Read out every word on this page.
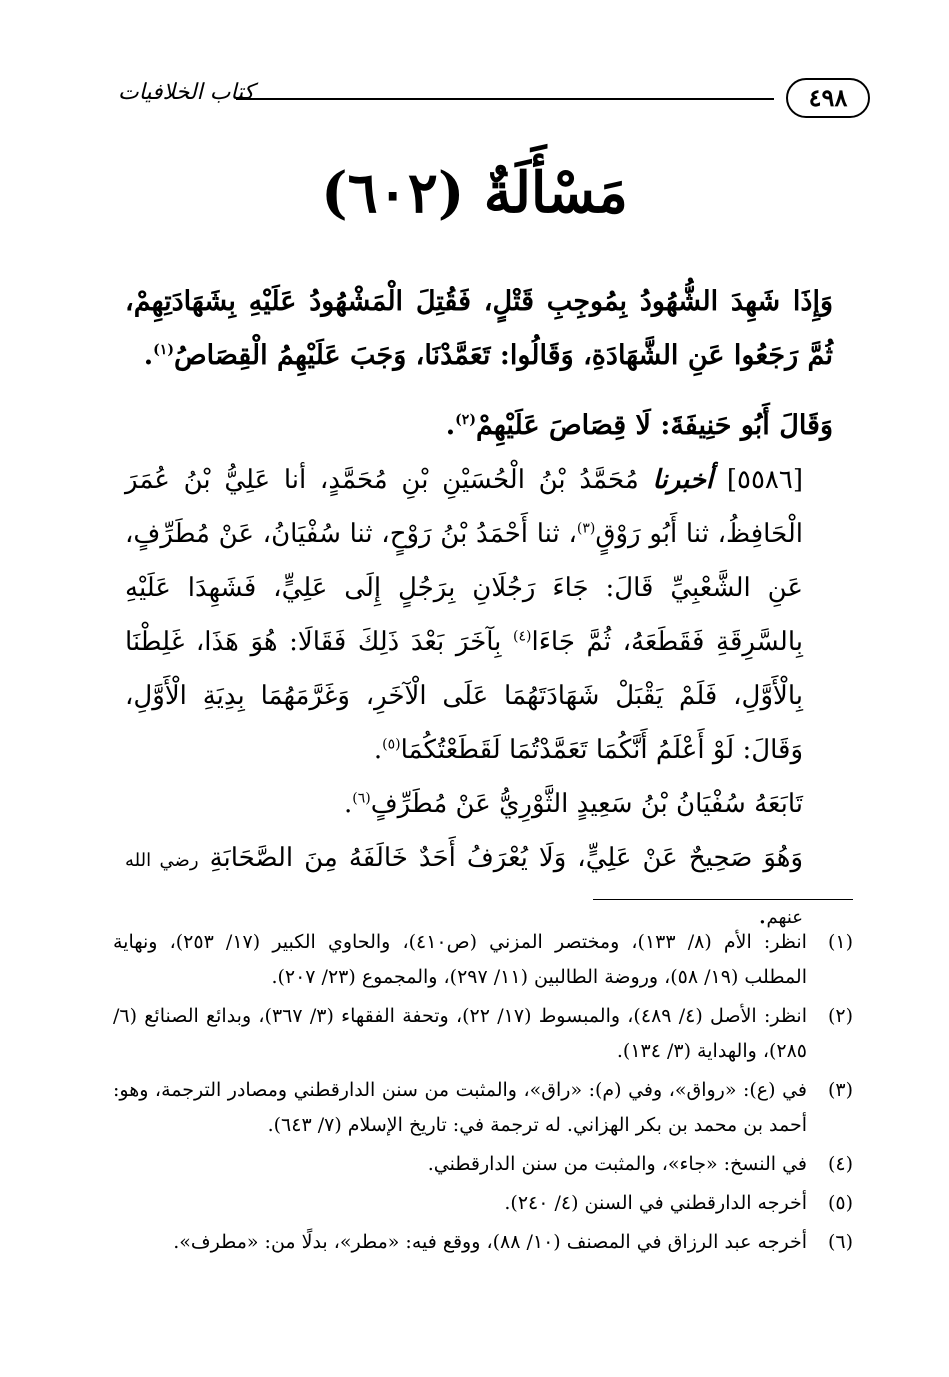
٤٩٨
كتاب الخلافيات
مَسْأَلَةٌ (٦٠٢)

وَإِذَا شَهِدَ الشُّهُودُ بِمُوجِبِ قَتْلٍ، فَقُتِلَ الْمَشْهُودُ عَلَيْهِ بِشَهَادَتِهِمْ، ثُمَّ رَجَعُوا عَنِ الشَّهَادَةِ، وَقَالُوا: تَعَمَّدْنَا، وَجَبَ عَلَيْهِمُ الْقِصَاصُ$^{(١)}$.

وَقَالَ أَبُو حَنِيفَةَ: لَا قِصَاصَ عَلَيْهِمْ$^{(٢)}$.

[٥٥٨٦] أخبرنا مُحَمَّدُ بْنُ الْحُسَيْنِ بْنِ مُحَمَّدٍ، أنا عَلِيُّ بْنُ عُمَرَ الْحَافِظُ، ثنا أَبُو رَوْقٍ$^{(٣)}$، ثنا أَحْمَدُ بْنُ رَوْحٍ، ثنا سُفْيَانُ، عَنْ مُطَرِّفٍ، عَنِ الشَّعْبِيِّ قَالَ: جَاءَ رَجُلَانِ بِرَجُلٍ إِلَى عَلِيٍّ، فَشَهِدَا عَلَيْهِ بِالسَّرِقَةِ فَقَطَعَهُ، ثُمَّ جَاءَا$^{(٤)}$ بِآخَرَ بَعْدَ ذَلِكَ فَقَالَا: هُوَ هَذَا، غَلِطْنَا بِالْأَوَّلِ، فَلَمْ يَقْبَلْ شَهَادَتَهُمَا عَلَى الْآخَرِ، وَغَرَّمَهُمَا بِدِيَةِ الْأَوَّلِ، وَقَالَ: لَوْ أَعْلَمُ أَنَّكُمَا تَعَمَّدْتُمَا لَقَطَعْتُكُمَا$^{(٥)}$.

تَابَعَهُ سُفْيَانُ بْنُ سَعِيدٍ الثَّوْرِيُّ عَنْ مُطَرِّفٍ$^{(٦)}$.

وَهُوَ صَحِيحٌ عَنْ عَلِيٍّ، وَلَا يُعْرَفُ أَحَدٌ خَالَفَهُ مِنَ الصَّحَابَةِ رضي الله عنهم.

(١)
انظر: الأم (٨/ ١٣٣)، ومختصر المزني (ص٤١٠)، والحاوي الكبير (١٧/ ٢٥٣)، ونهاية المطلب (١٩/ ٥٨)، وروضة الطالبين (١١/ ٢٩٧)، والمجموع (٢٣/ ٢٠٧).
(٢)
انظر: الأصل (٤/ ٤٨٩)، والمبسوط (١٧/ ٢٢)، وتحفة الفقهاء (٣/ ٣٦٧)، وبدائع الصنائع (٦/ ٢٨٥)، والهداية (٣/ ١٣٤).
(٣)
في (ع): «رواق»، وفي (م): «راق»، والمثبت من سنن الدارقطني ومصادر الترجمة، وهو: أحمد بن محمد بن بكر الهزاني. له ترجمة في: تاريخ الإسلام (٧/ ٦٤٣).
(٤)
في النسخ: «جاء»، والمثبت من سنن الدارقطني.
(٥)
أخرجه الدارقطني في السنن (٤/ ٢٤٠).
(٦)
أخرجه عبد الرزاق في المصنف (١٠/ ٨٨)، ووقع فيه: «مطر»، بدلًا من: «مطرف».
